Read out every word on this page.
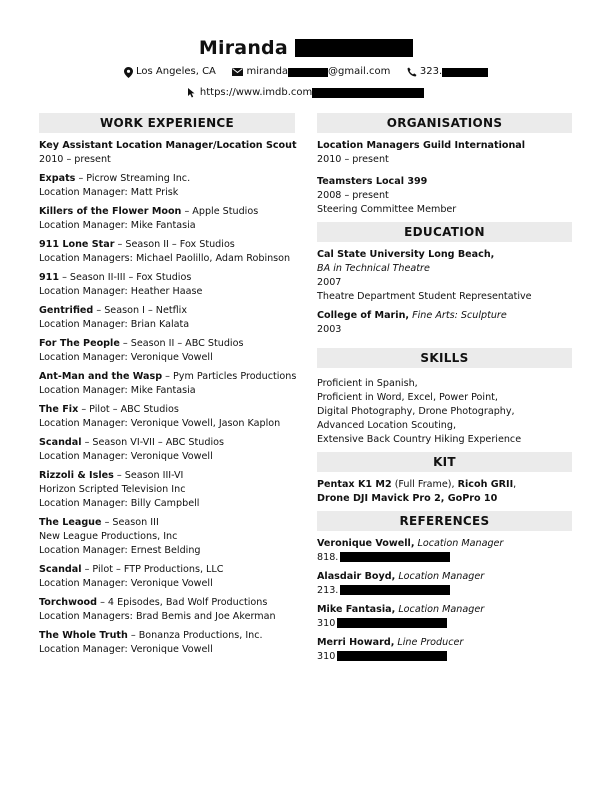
Miranda
Los Angeles, CA	miranda	@gmail.com	323.
https://www.imdb.com
WORK EXPERIENCE
Key Assistant Location Manager/Location Scout
2010 – present
Expats – Picrow Streaming Inc.
Location Manager: Matt Prisk
Killers of the Flower Moon – Apple Studios
Location Manager: Mike Fantasia
911 Lone Star – Season II – Fox Studios
Location Managers: Michael Paolillo, Adam Robinson
911 – Season II-III – Fox Studios
Location Manager: Heather Haase
Gentrified – Season I – Netflix
Location Manager: Brian Kalata
For The People – Season II – ABC Studios
Location Manager: Veronique Vowell
Ant-Man and the Wasp – Pym Particles Productions
Location Manager: Mike Fantasia
The Fix – Pilot – ABC Studios
Location Manager: Veronique Vowell, Jason Kaplon
Scandal – Season VI-VII – ABC Studios
Location Manager: Veronique Vowell
Rizzoli & Isles – Season III-VI
Horizon Scripted Television Inc
Location Manager: Billy Campbell
The League – Season III
New League Productions, Inc
Location Manager: Ernest Belding
Scandal – Pilot – FTP Productions, LLC
Location Manager: Veronique Vowell
Torchwood – 4 Episodes, Bad Wolf Productions
Location Managers: Brad Bemis and Joe Akerman
The Whole Truth – Bonanza Productions, Inc.
Location Manager: Veronique Vowell
ORGANISATIONS
Location Managers Guild International
2010 – present
Teamsters Local 399
2008 – present
Steering Committee Member
EDUCATION
Cal State University Long Beach,
BA in Technical Theatre
2007
Theatre Department Student Representative
College of Marin, Fine Arts: Sculpture
2003
SKILLS
Proficient in Spanish,
Proficient in Word, Excel, Power Point,
Digital Photography, Drone Photography,
Advanced Location Scouting,
Extensive Back Country Hiking Experience
KIT
Pentax K1 M2 (Full Frame), Ricoh GRII,
Drone DJI Mavick Pro 2, GoPro 10
REFERENCES
Veronique Vowell, Location Manager
818.
Alasdair Boyd, Location Manager
213.
Mike Fantasia, Location Manager
310
Merri Howard, Line Producer
310
